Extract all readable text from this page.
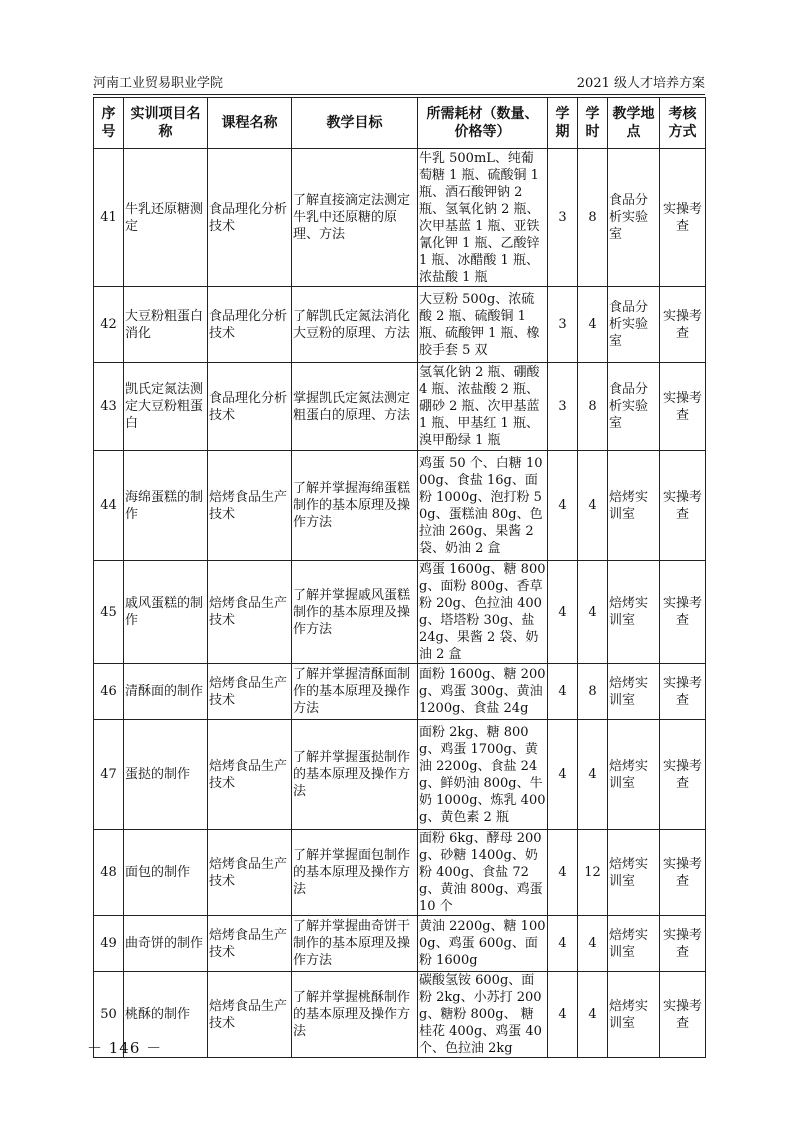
河南工业贸易职业学院	2021 级人才培养方案
序号	实训项目名称	课程名称	教学目标	所需耗材（数量、价格等）	学期	学时	教学地点	考核方式
41	牛乳还原糖测定	食品理化分析技术	了解直接滴定法测定牛乳中还原糖的原理、方法	牛乳 500mL、纯葡萄糖 1 瓶、硫酸铜 1 瓶、酒石酸钾钠 2 瓶、氢氧化钠 2 瓶、次甲基蓝 1 瓶、亚铁氰化钾 1 瓶、乙酸锌 1 瓶、冰醋酸 1 瓶、浓盐酸 1 瓶	3	8	食品分析实验室	实操考查
42	大豆粉粗蛋白消化	食品理化分析技术	了解凯氏定氮法消化大豆粉的原理、方法	大豆粉 500g、浓硫酸 2 瓶、硫酸铜 1 瓶、硫酸钾 1 瓶、橡胶手套 5 双	3	4	食品分析实验室	实操考查
43	凯氏定氮法测定大豆粉粗蛋白	食品理化分析技术	掌握凯氏定氮法测定粗蛋白的原理、方法	氢氧化钠 2 瓶、硼酸 4 瓶、浓盐酸 2 瓶、硼砂 2 瓶、次甲基蓝 1 瓶、甲基红 1 瓶、溴甲酚绿 1 瓶	3	8	食品分析实验室	实操考查
44	海绵蛋糕的制作	焙烤食品生产技术	了解并掌握海绵蛋糕制作的基本原理及操作方法	鸡蛋 50 个、白糖 1000g、食盐 16g、面粉 1000g、泡打粉 50g、蛋糕油 80g、色拉油 260g、果酱 2 袋、奶油 2 盒	4	4	焙烤实训室	实操考查
45	戚风蛋糕的制作	焙烤食品生产技术	了解并掌握戚风蛋糕制作的基本原理及操作方法	鸡蛋 1600g、糖 800g、面粉 800g、香草粉 20g、色拉油 400g、塔塔粉 30g、盐 24g、果酱 2 袋、奶油 2 盒	4	4	焙烤实训室	实操考查
46	清酥面的制作	焙烤食品生产技术	了解并掌握清酥面制作的基本原理及操作方法	面粉 1600g、糖 200g、鸡蛋 300g、黄油 1200g、食盐 24g	4	8	焙烤实训室	实操考查
47	蛋挞的制作	焙烤食品生产技术	了解并掌握蛋挞制作的基本原理及操作方法	面粉 2kg、糖 800g、鸡蛋 1700g、黄油 2200g、食盐 24g、鲜奶油 800g、牛奶 1000g、炼乳 400g、黄色素 2 瓶	4	4	焙烤实训室	实操考查
48	面包的制作	焙烤食品生产技术	了解并掌握面包制作的基本原理及操作方法	面粉 6kg、酵母 200g、砂糖 1400g、奶粉 400g、食盐 72g、黄油 800g、鸡蛋 10 个	4	12	焙烤实训室	实操考查
49	曲奇饼的制作	焙烤食品生产技术	了解并掌握曲奇饼干制作的基本原理及操作方法	黄油 2200g、糖 1000g、鸡蛋 600g、面粉 1600g	4	4	焙烤实训室	实操考查
50	桃酥的制作	焙烤食品生产技术	了解并掌握桃酥制作的基本原理及操作方法	碳酸氢铵 600g、面粉 2kg、小苏打 200g、糖粉 800g、 糖桂花 400g、鸡蛋 40 个、色拉油 2kg	4	4	焙烤实训室	实操考查
－ 146 －
